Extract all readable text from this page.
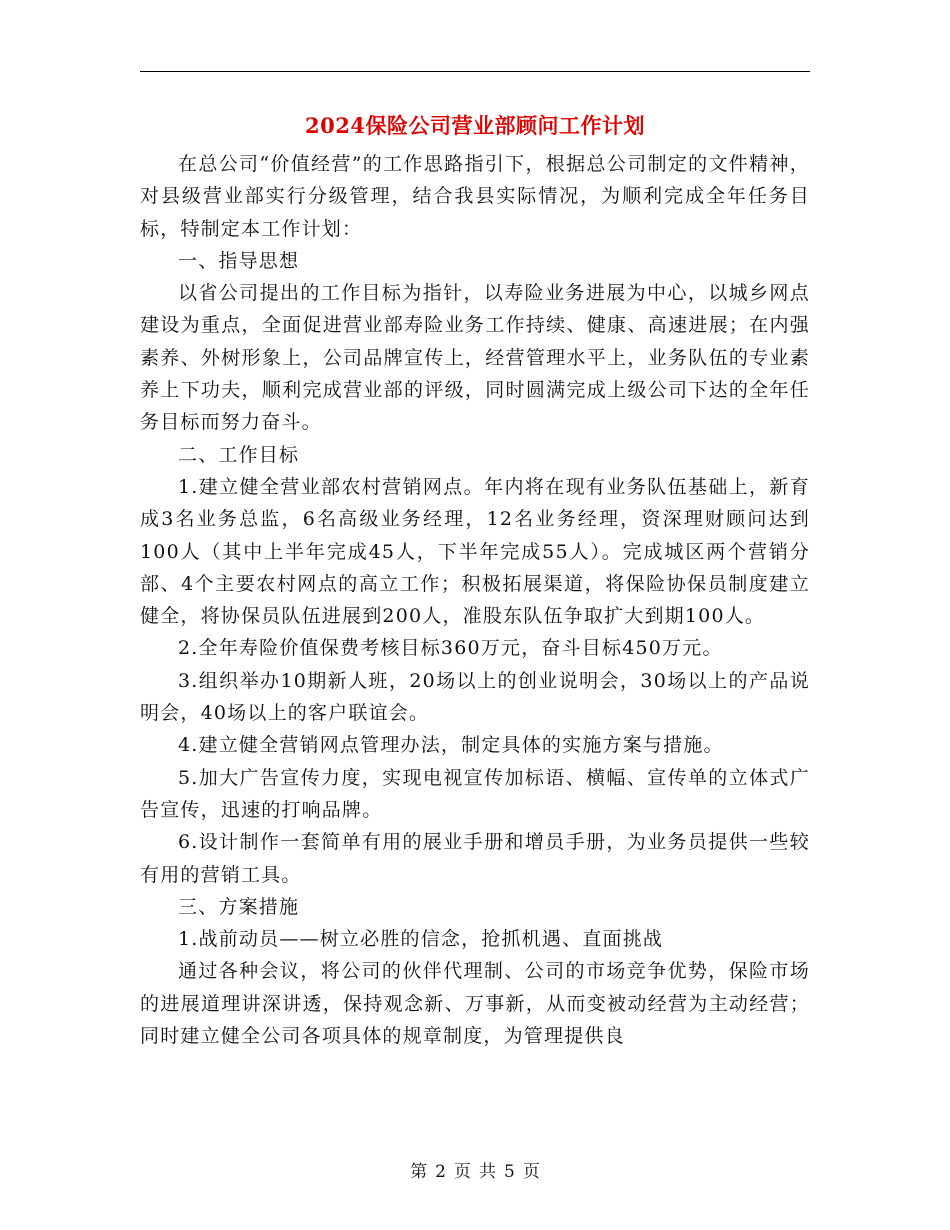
2024保险公司营业部顾问工作计划

在总公司“价值经营”的工作思路指引下，根据总公司制定的文件精神，对县级营业部实行分级管理，结合我县实际情况，为顺利完成全年任务目标，特制定本工作计划：

一、指导思想

以省公司提出的工作目标为指针，以寿险业务进展为中心，以城乡网点建设为重点，全面促进营业部寿险业务工作持续、健康、高速进展；在内强素养、外树形象上，公司品牌宣传上，经营管理水平上，业务队伍的专业素养上下功夫，顺利完成营业部的评级，同时圆满完成上级公司下达的全年任务目标而努力奋斗。

二、工作目标

1.建立健全营业部农村营销网点。年内将在现有业务队伍基础上，新育成3名业务总监，6名高级业务经理，12名业务经理，资深理财顾问达到100人（其中上半年完成45人，下半年完成55人）。完成城区两个营销分部、4个主要农村网点的高立工作；积极拓展渠道，将保险协保员制度建立健全，将协保员队伍进展到200人，准股东队伍争取扩大到期100人。

2.全年寿险价值保费考核目标360万元，奋斗目标450万元。

3.组织举办10期新人班，20场以上的创业说明会，30场以上的产品说明会，40场以上的客户联谊会。

4.建立健全营销网点管理办法，制定具体的实施方案与措施。

5.加大广告宣传力度，实现电视宣传加标语、横幅、宣传单的立体式广告宣传，迅速的打响品牌。

6.设计制作一套简单有用的展业手册和增员手册，为业务员提供一些较有用的营销工具。

三、方案措施

1.战前动员——树立必胜的信念，抢抓机遇、直面挑战

通过各种会议，将公司的伙伴代理制、公司的市场竞争优势，保险市场的进展道理讲深讲透，保持观念新、万事新，从而变被动经营为主动经营；同时建立健全公司各项具体的规章制度，为管理提供良

第 2 页 共 5 页
